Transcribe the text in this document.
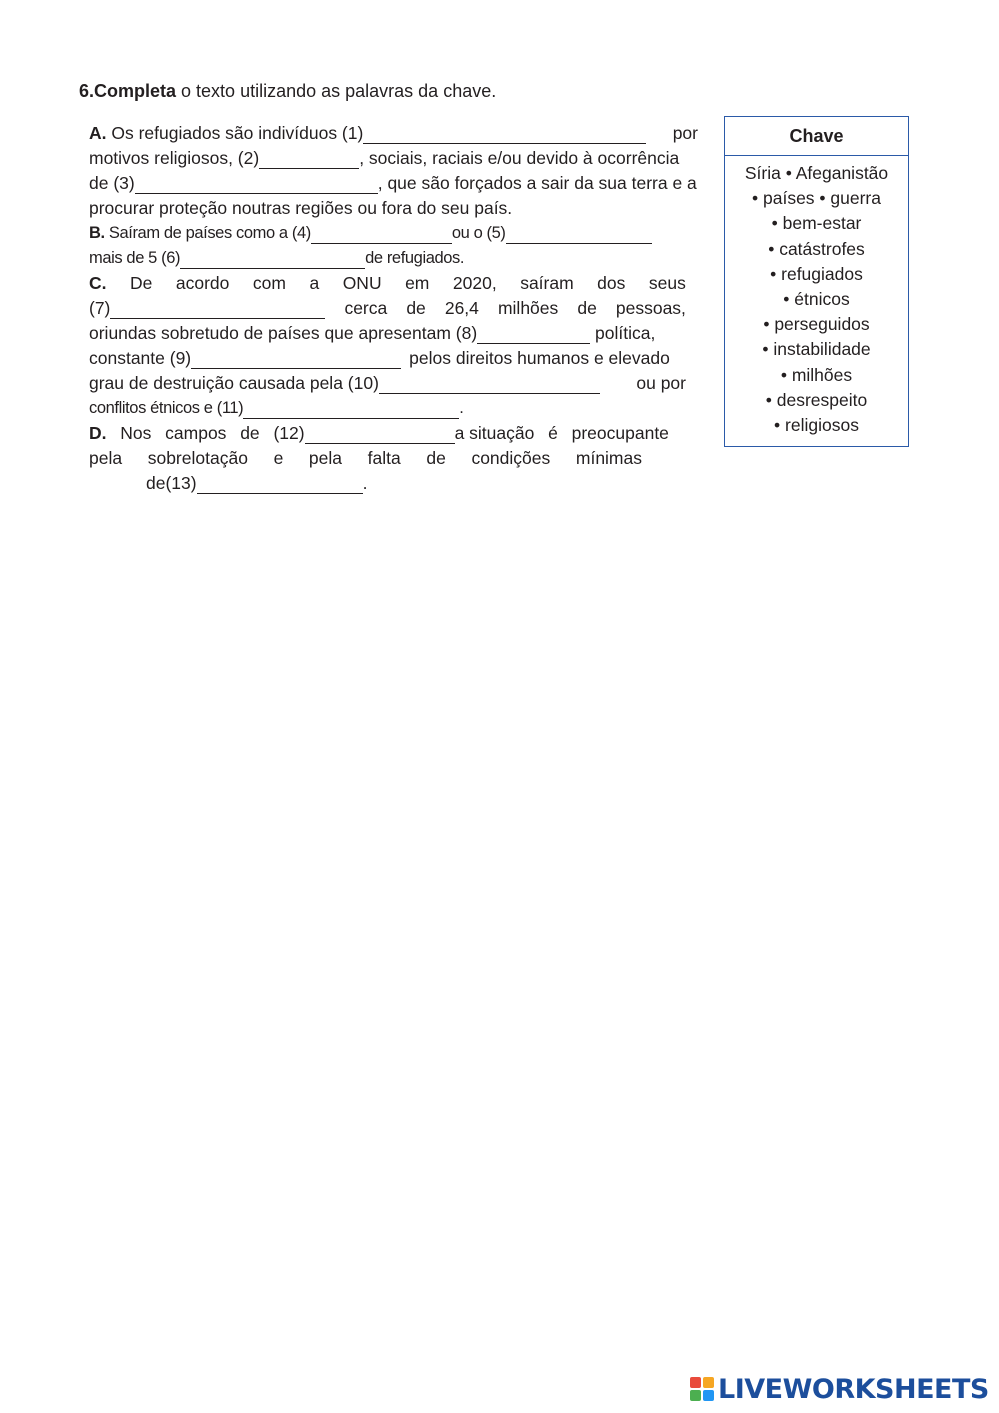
6.Completa o texto utilizando as palavras da chave.
A. Os refugiados são indivíduos (1)	por
motivos religiosos, (2)	, sociais, raciais e/ou devido à ocorrência
de (3)	, que são forçados a sair da sua terra e a
procurar proteção noutras regiões ou fora do seu país.
B. Saíram de países como a (4)	ou o (5)
mais de 5 (6)	de refugiados.
C. De acordo com a ONU em 2020, saíram dos seus
(7)	cerca de 26,4 milhões de pessoas,
oriundas sobretudo de países que apresentam (8)	política,
constante (9)	pelos direitos humanos e elevado
grau de destruição causada pela (10)	ou por
conflitos étnicos e (11)	.
D. Nos campos de (12)	a situação é preocupante
pela sobrelotação e pela falta de condições mínimas
de(13)	.
Chave
Síria • Afeganistão
• países • guerra
• bem-estar
• catástrofes
• refugiados
• étnicos
• perseguidos
• instabilidade
• milhões
• desrespeito
• religiosos
LIVEWORKSHEETS
